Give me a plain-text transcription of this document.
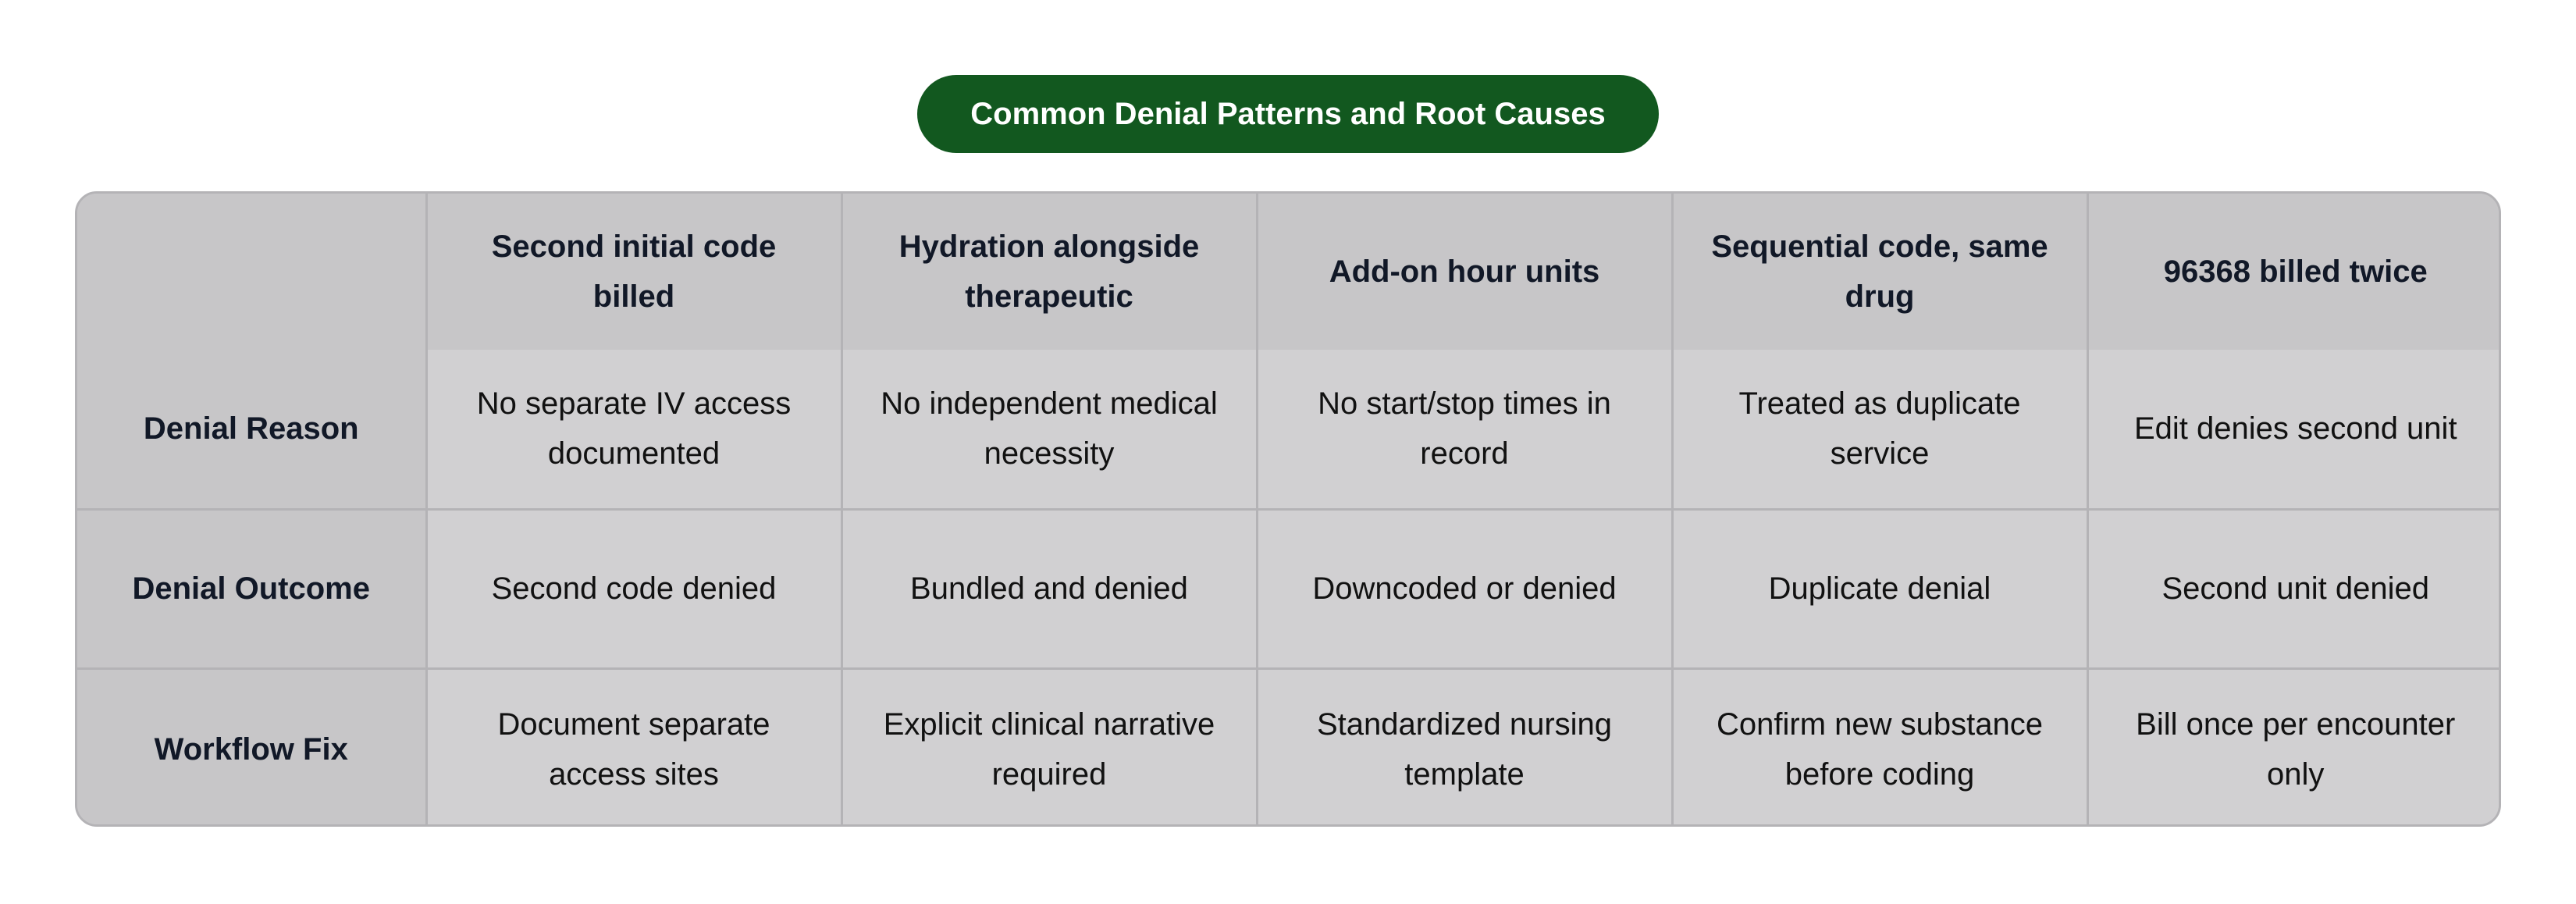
Common Denial Patterns and Root Causes
	Second initial code billed	Hydration alongside therapeutic	Add-on hour units	Sequential code, same drug	96368 billed twice
Denial Reason	No separate IV access documented	No independent medical necessity	No start/stop times in record	Treated as duplicate service	Edit denies second unit
Denial Outcome	Second code denied	Bundled and denied	Downcoded or denied	Duplicate denial	Second unit denied
Workflow Fix	Document separate access sites	Explicit clinical narrative required	Standardized nursing template	Confirm new substance before coding	Bill once per encounter only
